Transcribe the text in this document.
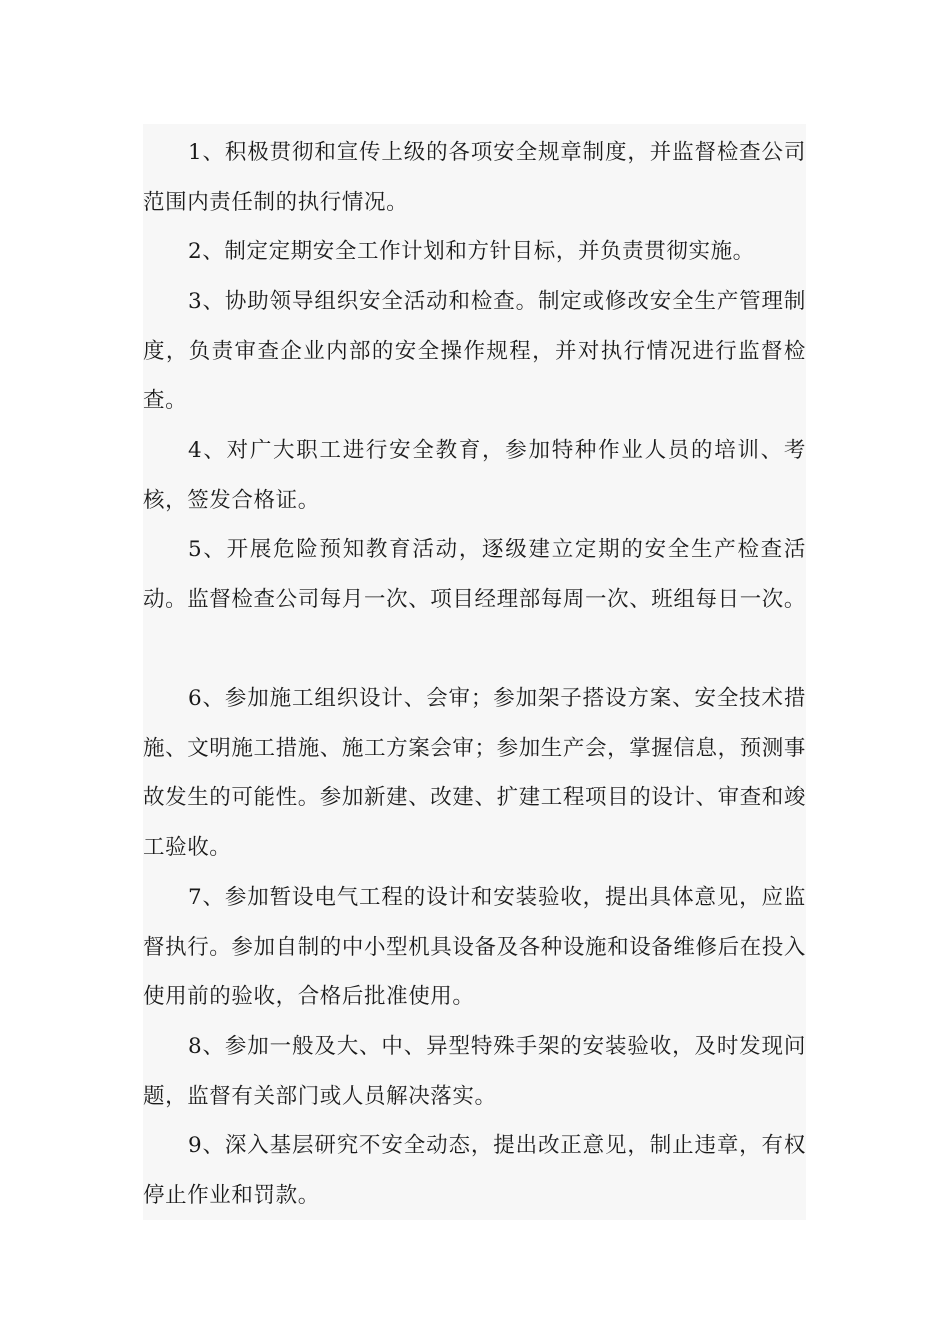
1、积极贯彻和宣传上级的各项安全规章制度，并监督检查公司范围内责任制的执行情况。

2、制定定期安全工作计划和方针目标，并负责贯彻实施。

3、协助领导组织安全活动和检查。制定或修改安全生产管理制度，负责审查企业内部的安全操作规程，并对执行情况进行监督检查。

4、对广大职工进行安全教育，参加特种作业人员的培训、考核，签发合格证。

5、开展危险预知教育活动，逐级建立定期的安全生产检查活动。监督检查公司每月一次、项目经理部每周一次、班组每日一次。

6、参加施工组织设计、会审；参加架子搭设方案、安全技术措施、文明施工措施、施工方案会审；参加生产会，掌握信息，预测事故发生的可能性。参加新建、改建、扩建工程项目的设计、审查和竣工验收。

7、参加暂设电气工程的设计和安装验收，提出具体意见，应监督执行。参加自制的中小型机具设备及各种设施和设备维修后在投入使用前的验收，合格后批准使用。

8、参加一般及大、中、异型特殊手架的安装验收，及时发现问题，监督有关部门或人员解决落实。

9、深入基层研究不安全动态，提出改正意见，制止违章，有权停止作业和罚款。
